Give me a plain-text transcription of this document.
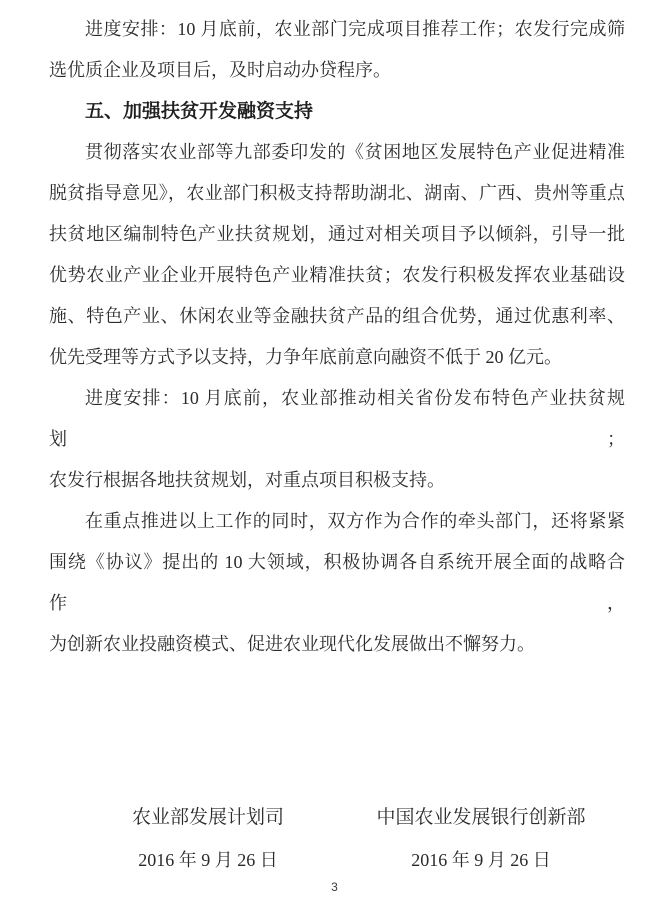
进度安排：10 月底前，农业部门完成项目推荐工作；农发行完成筛
选优质企业及项目后，及时启动办贷程序。
五、加强扶贫开发融资支持
贯彻落实农业部等九部委印发的《贫困地区发展特色产业促进精准
脱贫指导意见》，农业部门积极支持帮助湖北、湖南、广西、贵州等重点
扶贫地区编制特色产业扶贫规划，通过对相关项目予以倾斜，引导一批
优势农业产业企业开展特色产业精准扶贫；农发行积极发挥农业基础设
施、特色产业、休闲农业等金融扶贫产品的组合优势，通过优惠利率、
优先受理等方式予以支持，力争年底前意向融资不低于 20 亿元。
进度安排：10 月底前，农业部推动相关省份发布特色产业扶贫规划；
农发行根据各地扶贫规划，对重点项目积极支持。
在重点推进以上工作的同时，双方作为合作的牵头部门，还将紧紧
围绕《协议》提出的 10 大领域，积极协调各自系统开展全面的战略合作，
为创新农业投融资模式、促进农业现代化发展做出不懈努力。
农业部发展计划司
2016 年 9 月 26 日
中国农业发展银行创新部
2016 年 9 月 26 日
3
